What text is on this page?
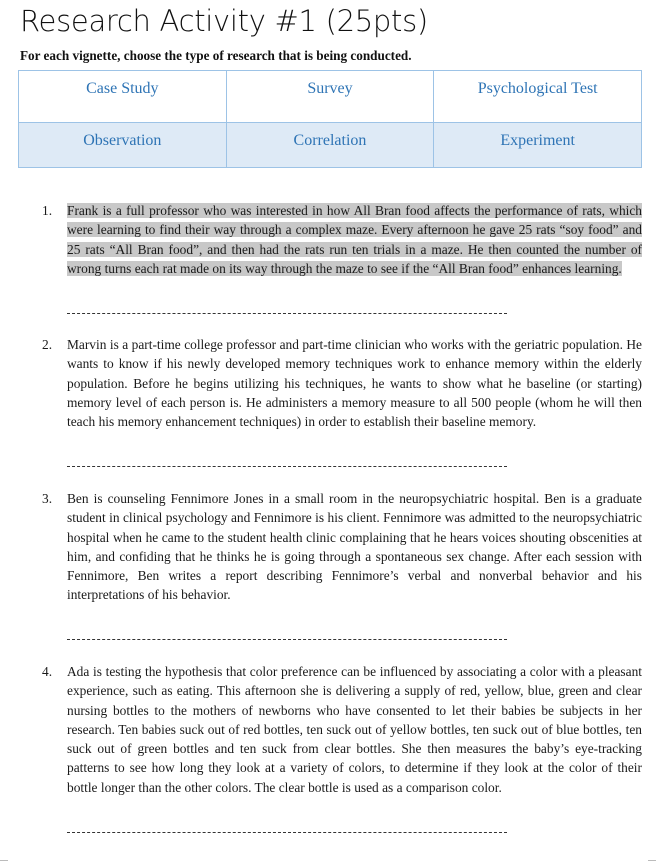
Research Activity #1 (25pts)
For each vignette, choose the type of research that is being conducted.
Case Study	Survey	Psychological Test
Observation	Correlation	Experiment
1.	Frank is a full professor who was interested in how All Bran food affects the performance of rats, which were learning to find their way through a complex maze. Every afternoon he gave 25 rats “soy food” and 25 rats “All Bran food”, and then had the rats run ten trials in a maze. He then counted the number of wrong turns each rat made on its way through the maze to see if the “All Bran food” enhances learning.
2.	Marvin is a part-time college professor and part-time clinician who works with the geriatric population. He wants to know if his newly developed memory techniques work to enhance memory within the elderly population. Before he begins utilizing his techniques, he wants to show what he baseline (or starting) memory level of each person is. He administers a memory measure to all 500 people (whom he will then teach his memory enhancement techniques) in order to establish their baseline memory.
3.	Ben is counseling Fennimore Jones in a small room in the neuropsychiatric hospital. Ben is a graduate student in clinical psychology and Fennimore is his client. Fennimore was admitted to the neuropsychiatric hospital when he came to the student health clinic complaining that he hears voices shouting obscenities at him, and confiding that he thinks he is going through a spontaneous sex change. After each session with Fennimore, Ben writes a report describing Fennimore’s verbal and nonverbal behavior and his interpretations of his behavior.
4.	Ada is testing the hypothesis that color preference can be influenced by associating a color with a pleasant experience, such as eating. This afternoon she is delivering a supply of red, yellow, blue, green and clear nursing bottles to the mothers of newborns who have consented to let their babies be subjects in her research. Ten babies suck out of red bottles, ten suck out of yellow bottles, ten suck out of blue bottles, ten suck out of green bottles and ten suck from clear bottles. She then measures the baby’s eye-tracking patterns to see how long they look at a variety of colors, to determine if they look at the color of their bottle longer than the other colors. The clear bottle is used as a comparison color.
